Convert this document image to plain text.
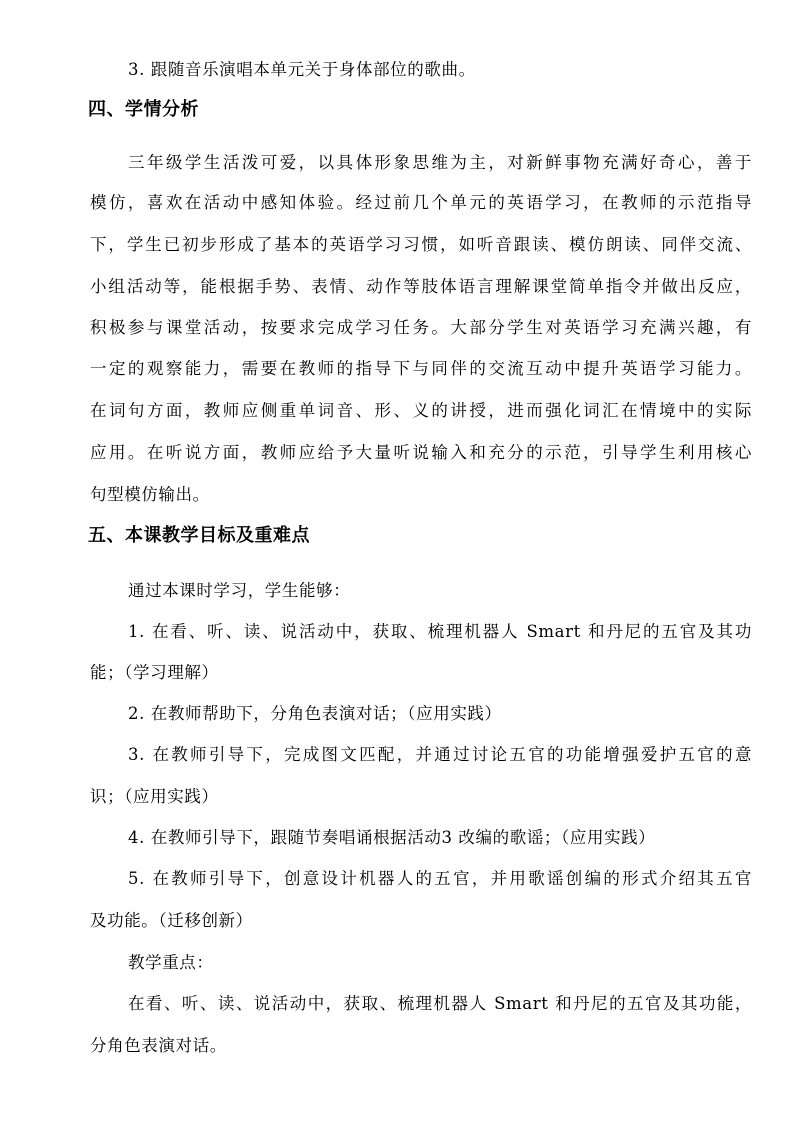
3. 跟随音乐演唱本单元关于身体部位的歌曲。
四、学情分析
三年级学生活泼可爱，以具体形象思维为主，对新鲜事物充满好奇心，善于
模仿，喜欢在活动中感知体验。经过前几个单元的英语学习，在教师的示范指导
下，学生已初步形成了基本的英语学习习惯，如听音跟读、模仿朗读、同伴交流、
小组活动等，能根据手势、表情、动作等肢体语言理解课堂简单指令并做出反应，
积极参与课堂活动，按要求完成学习任务。大部分学生对英语学习充满兴趣，有
一定的观察能力，需要在教师的指导下与同伴的交流互动中提升英语学习能力。
在词句方面，教师应侧重单词音、形、义的讲授，进而强化词汇在情境中的实际
应用。在听说方面，教师应给予大量听说输入和充分的示范，引导学生利用核心
句型模仿输出。
五、本课教学目标及重难点
通过本课时学习，学生能够：
1. 在看、听、读、说活动中，获取、梳理机器人 Smart 和丹尼的五官及其功
能；（学习理解）
2. 在教师帮助下，分角色表演对话；（应用实践）
3. 在教师引导下，完成图文匹配，并通过讨论五官的功能增强爱护五官的意
识；（应用实践）
4. 在教师引导下，跟随节奏唱诵根据活动3 改编的歌谣；（应用实践）
5. 在教师引导下，创意设计机器人的五官，并用歌谣创编的形式介绍其五官
及功能。（迁移创新）
教学重点：
在看、听、读、说活动中，获取、梳理机器人 Smart 和丹尼的五官及其功能，
分角色表演对话。
